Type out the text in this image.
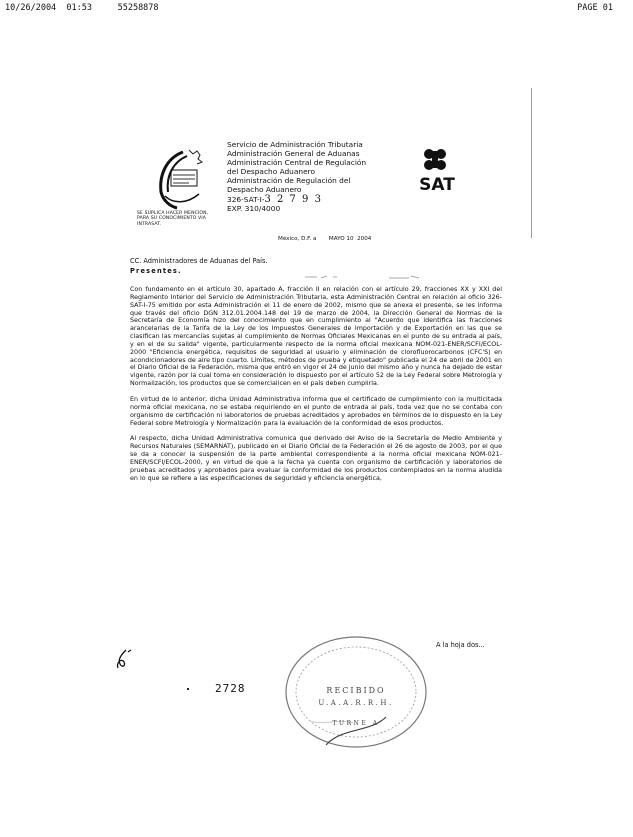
10/26/2004  01:53	55258878	PAGE 01
SE SUPLICA HACER MENCION, PARA SU CONOCIMIENTO VIA INTRASAT.
Servicio de Administración Tributaria
Administración General de Aduanas
Administración Central de Regulación
del Despacho Aduanero
Administración de Regulación del
Despacho Aduanero
326-SAT-I-3 2 7 9 3
EXP. 310/4000
México, D.F. a       MAYO 10  2004
SAT
CC. Administradores de Aduanas del País.
Presentes.

Con fundamento en el artículo 30, apartado A, fracción II en relación con el artículo 29, fracciones XX y XXI del Reglamento Interior del Servicio de Administración Tributaria, esta Administración Central en relación al oficio 326-SAT-I-75 emitido por esta Administración el 11 de enero de 2002, mismo que se anexa el presente, se les informa que través del oficio DGN 312.01.2004.148 del 19 de marzo de 2004, la Dirección General de Normas de la Secretaría de Economía hizo del conocimiento que en cumplimiento al "Acuerdo que identifica las fracciones arancelarias de la Tarifa de la Ley de los Impuestos Generales de Importación y de Exportación en las que se clasifican las mercancías sujetas al cumplimiento de Normas Oficiales Mexicanas en el punto de su entrada al país, y en el de su salida" vigente, particularmente respecto de la norma oficial mexicana NOM-021-ENER/SCFI/ECOL-2000 "Eficiencia energética, requisitos de seguridad al usuario y eliminación de clorofluorocarbonos (CFC'S) en acondicionadores de aire tipo cuarto. Límites, métodos de prueba y etiquetado" publicada el 24 de abril de 2001 en el Diario Oficial de la Federación, misma que entró en vigor el 24 de junio del mismo año y nunca ha dejado de estar vigente, razón por la cual toma en consideración lo dispuesto por el artículo 52 de la Ley Federal sobre Metrología y Normalización, los productos que se comercialicen en el país deben cumplirla.

En virtud de lo anterior, dicha Unidad Administrativa informa que el certificado de cumplimiento con la multicitada norma oficial mexicana, no se estaba requiriendo en el punto de entrada al país, toda vez que no se contaba con organismo de certificación ni laboratorios de pruebas acreditados y aprobados en términos de lo dispuesto en la Ley Federal sobre Metrología y Normalización para la evaluación de la conformidad de esos productos.

Al respecto, dicha Unidad Administrativa comunica que derivado del Aviso de la Secretaría de Medio Ambiente y Recursos Naturales (SEMARNAT), publicado en el Diario Oficial de la Federación el 26 de agosto de 2003, por el que se da a conocer la suspensión de la parte ambiental correspondiente a la norma oficial mexicana NOM-021-ENER/SCFI/ECOL-2000, y en virtud de que a la fecha ya cuenta con organismo de certificación y laboratorios de pruebas acreditados y aprobados para evaluar la conformidad de los productos contemplados en la norma aludida en lo que se refiere a las especificaciones de seguridad y eficiencia energética,

A la hoja dos...
2728	RECIBIDO
U.A.A.R.R.H.
TURNE A
